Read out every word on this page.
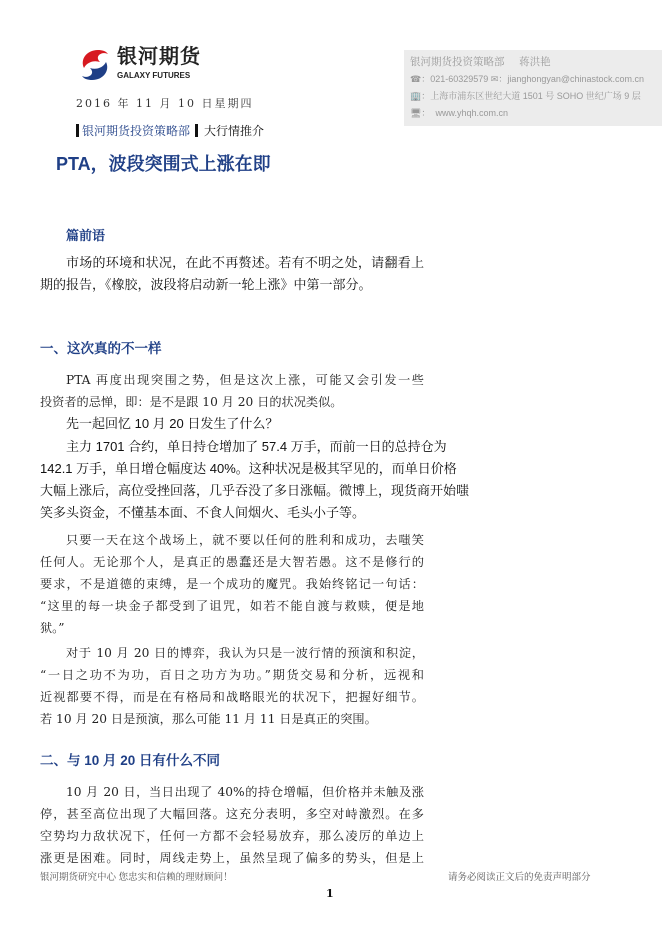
银河期货
GALAXY FUTURES
2016 年 11 月 10 日星期四
银河期货投资策略部 大行情推介
PTA，波段突围式上涨在即
银河期货投资策略部 蒋洪艳
☎：021-60329579 ✉：jianghongyan@chinastock.com.cn
🏢：上海市浦东区世纪大道 1501 号 SOHO 世纪广场 9 层
🖥： www.yhqh.com.cn
篇前语
市场的环境和状况，在此不再赘述。若有不明之处，请翻看上
期的报告，《橡胶，波段将启动新一轮上涨》中第一部分。
一、这次真的不一样
PTA 再度出现突围之势，但是这次上涨，可能又会引发一些
投资者的忌惮，即：是不是跟 10 月 20 日的状况类似。
先一起回忆 10 月 20 日发生了什么？
主力 1701 合约，单日持仓增加了 57.4 万手，而前一日的总持仓为
142.1 万手，单日增仓幅度达 40%。这种状况是极其罕见的，而单日价格
大幅上涨后，高位受挫回落，几乎吞没了多日涨幅。微博上，现货商开始嗤
笑多头资金，不懂基本面、不食人间烟火、毛头小子等。
只要一天在这个战场上，就不要以任何的胜利和成功，去嗤笑
任何人。无论那个人，是真正的愚蠢还是大智若愚。这不是修行的
要求，不是道德的束缚，是一个成功的魔咒。我始终铭记一句话：
“这里的每一块金子都受到了诅咒，如若不能自渡与救赎，便是地
狱。”
对于 10 月 20 日的博弈，我认为只是一波行情的预演和积淀，
“一日之功不为功，百日之功方为功。”期货交易和分析，远视和
近视都要不得，而是在有格局和战略眼光的状况下，把握好细节。
若 10 月 20 日是预演，那么可能 11 月 11 日是真正的突围。
二、与 10 月 20 日有什么不同
10 月 20 日，当日出现了 40%的持仓增幅，但价格并未触及涨
停，甚至高位出现了大幅回落。这充分表明，多空对峙激烈。在多
空势均力敌状况下，任何一方都不会轻易放弃，那么凌厉的单边上
涨更是困难。同时，周线走势上，虽然呈现了偏多的势头，但是上
银河期货研究中心 您忠实和信赖的理财顾问！	请务必阅读正文后的免责声明部分
1
